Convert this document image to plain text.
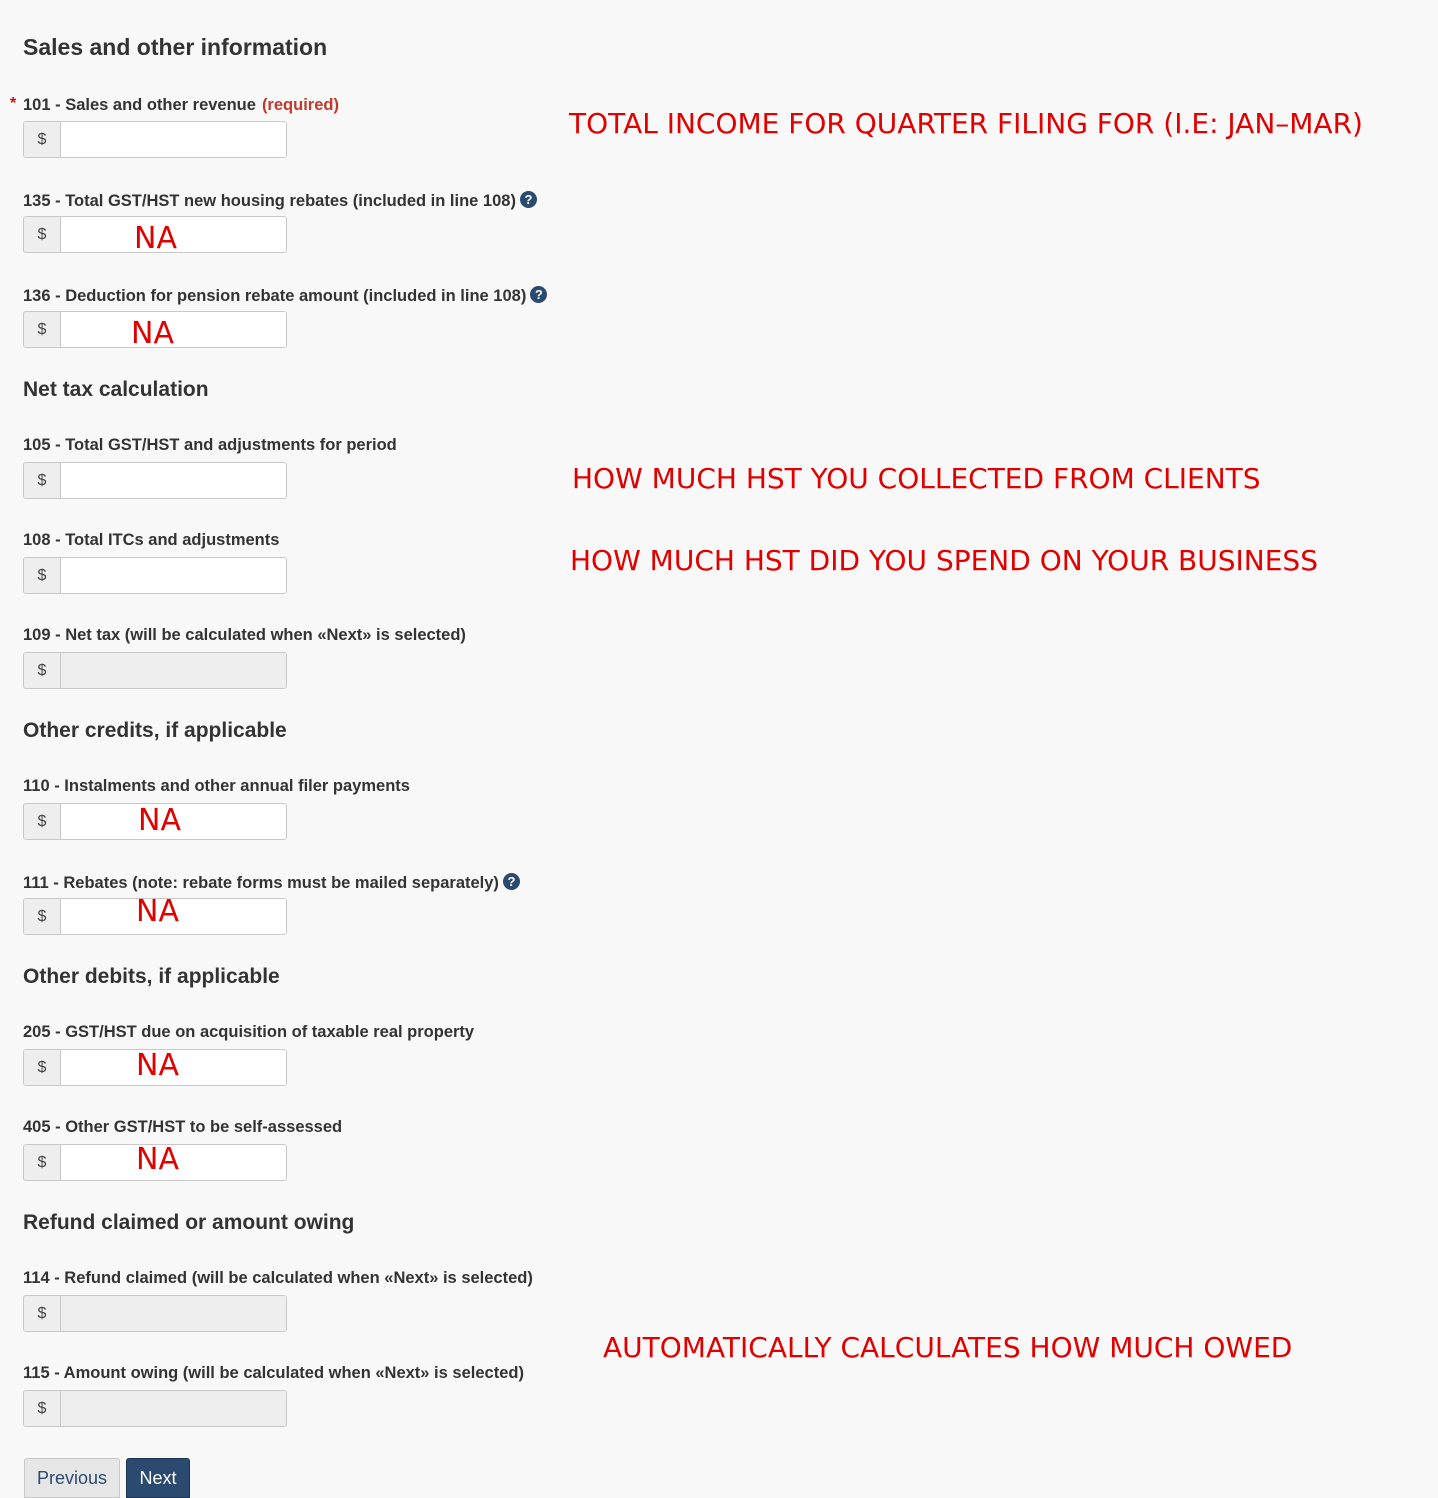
Sales and other information
* 101 - Sales and other revenue (required)
$	TOTAL INCOME FOR QUARTER FILING FOR (I.E: JAN–MAR)
135 - Total GST/HST new housing rebates (included in line 108) ?
$	NA
136 - Deduction for pension rebate amount (included in line 108) ?
$	NA
Net tax calculation
105 - Total GST/HST and adjustments for period
$	HOW MUCH HST YOU COLLECTED FROM CLIENTS
108 - Total ITCs and adjustments
$	HOW MUCH HST DID YOU SPEND ON YOUR BUSINESS
109 - Net tax (will be calculated when «Next» is selected)
$
Other credits, if applicable
110 - Instalments and other annual filer payments
$	NA
111 - Rebates (note: rebate forms must be mailed separately) ?
$	NA
Other debits, if applicable
205 - GST/HST due on acquisition of taxable real property
$	NA
405 - Other GST/HST to be self-assessed
$	NA
Refund claimed or amount owing
114 - Refund claimed (will be calculated when «Next» is selected)
$
AUTOMATICALLY CALCULATES HOW MUCH OWED
115 - Amount owing (will be calculated when «Next» is selected)
$
Previous	Next
